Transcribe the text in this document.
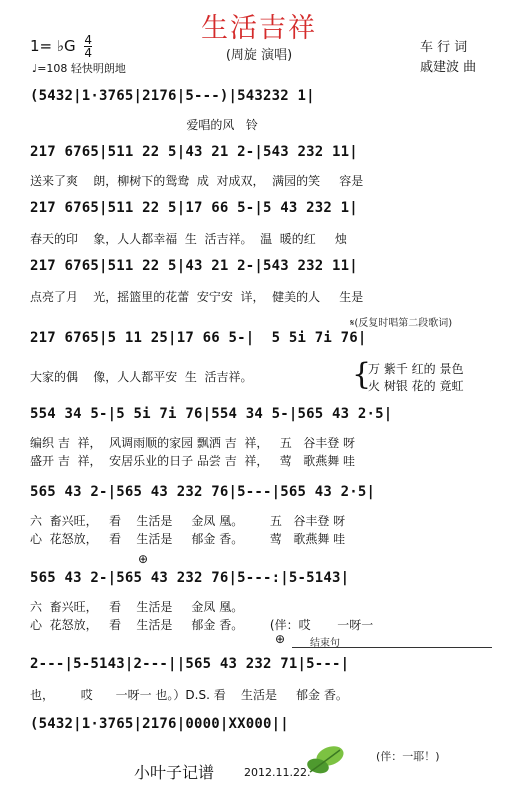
生活吉祥
(周旋 演唱)
1= ♭G $\frac{4}{4}$
♩=108 轻快明朗地
车 行 词
戚建波 曲
(5432|1·3765|2176|5---)|543232 1|
爱唱的风   铃
217 6765|511 22 5|43 21 2-|543 232 11|
送来了爽    朗，柳树下的鸳鸯  成  对成双，  满园的笑     容是
217 6765|511 22 5|17 66 5-|5 43 232 1|
春天的印    象，人人都幸福  生  活吉祥。  温  暖的红     烛
217 6765|511 22 5|43 21 2-|543 232 11|
点亮了月    光，摇篮里的花蕾  安宁安  详，  健美的人     生是
𝄋(反复时唱第二段歌词)
217 6765|5 11 25|17 66 5-|  5 5i 7i 76|
大家的偶    像，人人都平安  生  活吉祥。	{
万 紫千 红的 景色
火 树银 花的 竟虹
554 34 5-|5 5i 7i 76|554 34 5-|565 43 2·5|
编织 吉  祥，  风调雨顺的家园 飘洒 吉  祥，   五   谷丰登 呀
盛开 吉  祥，  安居乐业的日子 品尝 吉  祥，   莺   歌燕舞 哇
565 43 2-|565 43 232 76|5---|565 43 2·5|
六  畜兴旺，   看    生活是     金凤 凰。       五   谷丰登 呀
心  花怒放，   看    生活是     郁金 香。       莺   歌燕舞 哇
⊕
565 43 2-|565 43 232 76|5---:|5-5143|
六  畜兴旺，   看    生活是     金凤 凰。
心  花怒放，   看    生活是     郁金 香。       (伴：哎       一呀一
⊕ 结束句
2---|5-5143|2---||565 43 232 71|5---|
也，       哎      一呀一 也。）D.S. 看    生活是     郁金 香。
(5432|1·3765|2176|0000|XX000||
(伴：一耶！)
小叶子记谱	2012.11.22.
